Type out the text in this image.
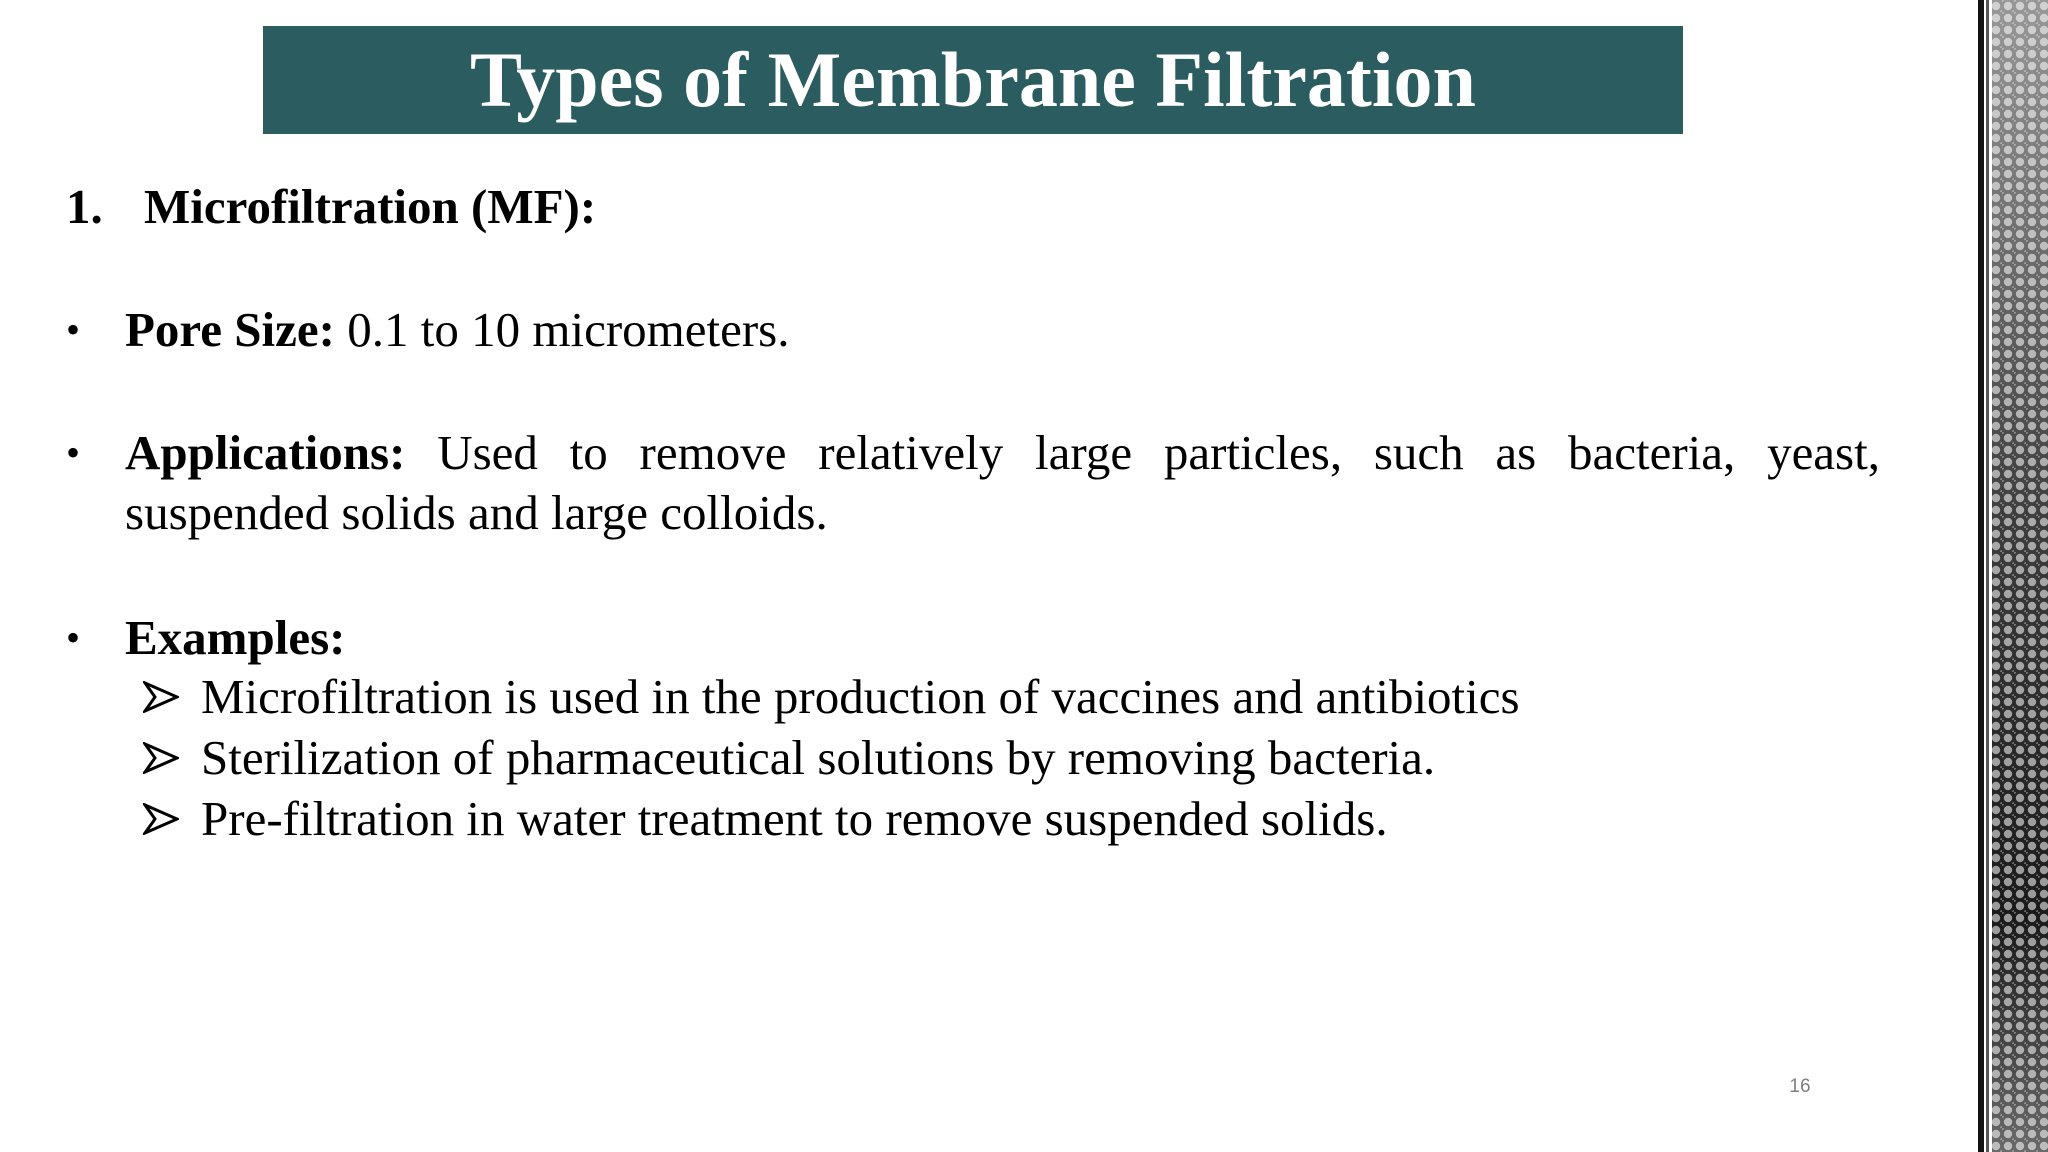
Types of Membrane Filtration
1. Microfiltration (MF):
• Pore Size: 0.1 to 10 micrometers.
• Applications: Used to remove relatively large particles, such as bacteria, yeast, suspended solids and large colloids.
• Examples:
Microfiltration is used in the production of vaccines and antibiotics
Sterilization of pharmaceutical solutions by removing bacteria.
Pre-filtration in water treatment to remove suspended solids.
16
